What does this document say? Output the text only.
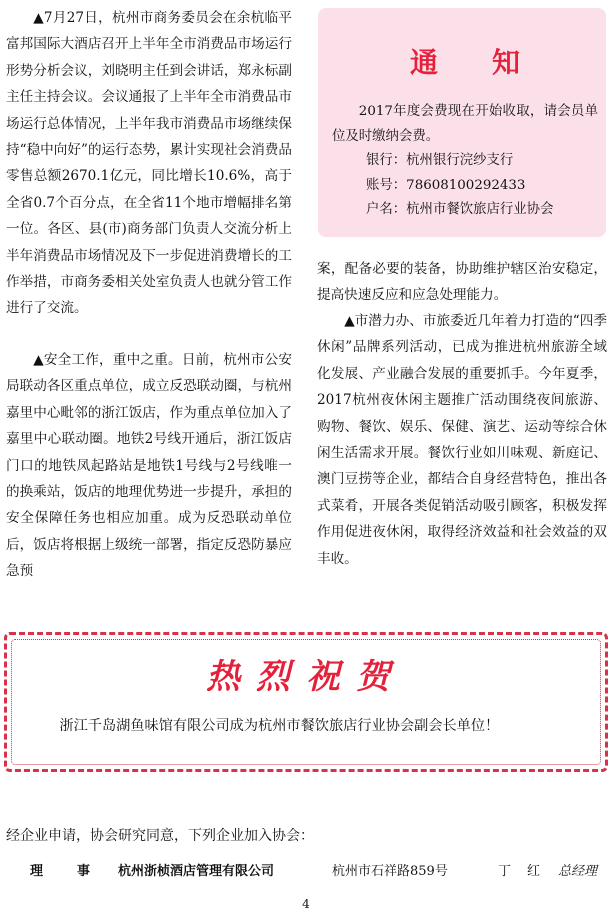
▲7月27日，杭州市商务委员会在余杭临平富邦国际大酒店召开上半年全市消费品市场运行形势分析会议，刘晓明主任到会讲话，郑永标副主任主持会议。会议通报了上半年全市消费品市场运行总体情况，上半年我市消费品市场继续保持“稳中向好”的运行态势，累计实现社会消费品零售总额2670.1亿元，同比增长10.6%，高于全省0.7个百分点，在全省11个地市增幅排名第一位。各区、县(市)商务部门负责人交流分析上半年消费品市场情况及下一步促进消费增长的工作举措，市商务委相关处室负责人也就分管工作进行了交流。

▲安全工作，重中之重。日前，杭州市公安局联动各区重点单位，成立反恐联动圈，与杭州嘉里中心毗邻的浙江饭店，作为重点单位加入了嘉里中心联动圈。地铁2号线开通后，浙江饭店门口的地铁凤起路站是地铁1号线与2号线唯一的换乘站，饭店的地理优势进一步提升，承担的安全保障任务也相应加重。成为反恐联动单位后，饭店将根据上级统一部署，指定反恐防暴应急预

案，配备必要的装备，协助维护辖区治安稳定，提高快速反应和应急处理能力。

▲市潜力办、市旅委近几年着力打造的“四季休闲”品牌系列活动，已成为推进杭州旅游全域化发展、产业融合发展的重要抓手。今年夏季，2017杭州夜休闲主题推广活动围绕夜间旅游、购物、餐饮、娱乐、保健、演艺、运动等综合休闲生活需求开展。餐饮行业如川味观、新庭记、澳门豆捞等企业，都结合自身经营特色，推出各式菜肴，开展各类促销活动吸引顾客，积极发挥作用促进夜休闲，取得经济效益和社会效益的双丰收。

通知

2017年度会费现在开始收取，请会员单位及时缴纳会费。

银行：杭州银行浣纱支行

账号：78608100292433

户名：杭州市餐饮旅店行业协会

热烈祝贺

浙江千岛湖鱼味馆有限公司成为杭州市餐饮旅店行业协会副会长单位！

经企业申请，协会研究同意，下列企业加入协会：

理事
杭州浙桢酒店管理有限公司	杭州市石祥路859号	丁红 总经理
4
